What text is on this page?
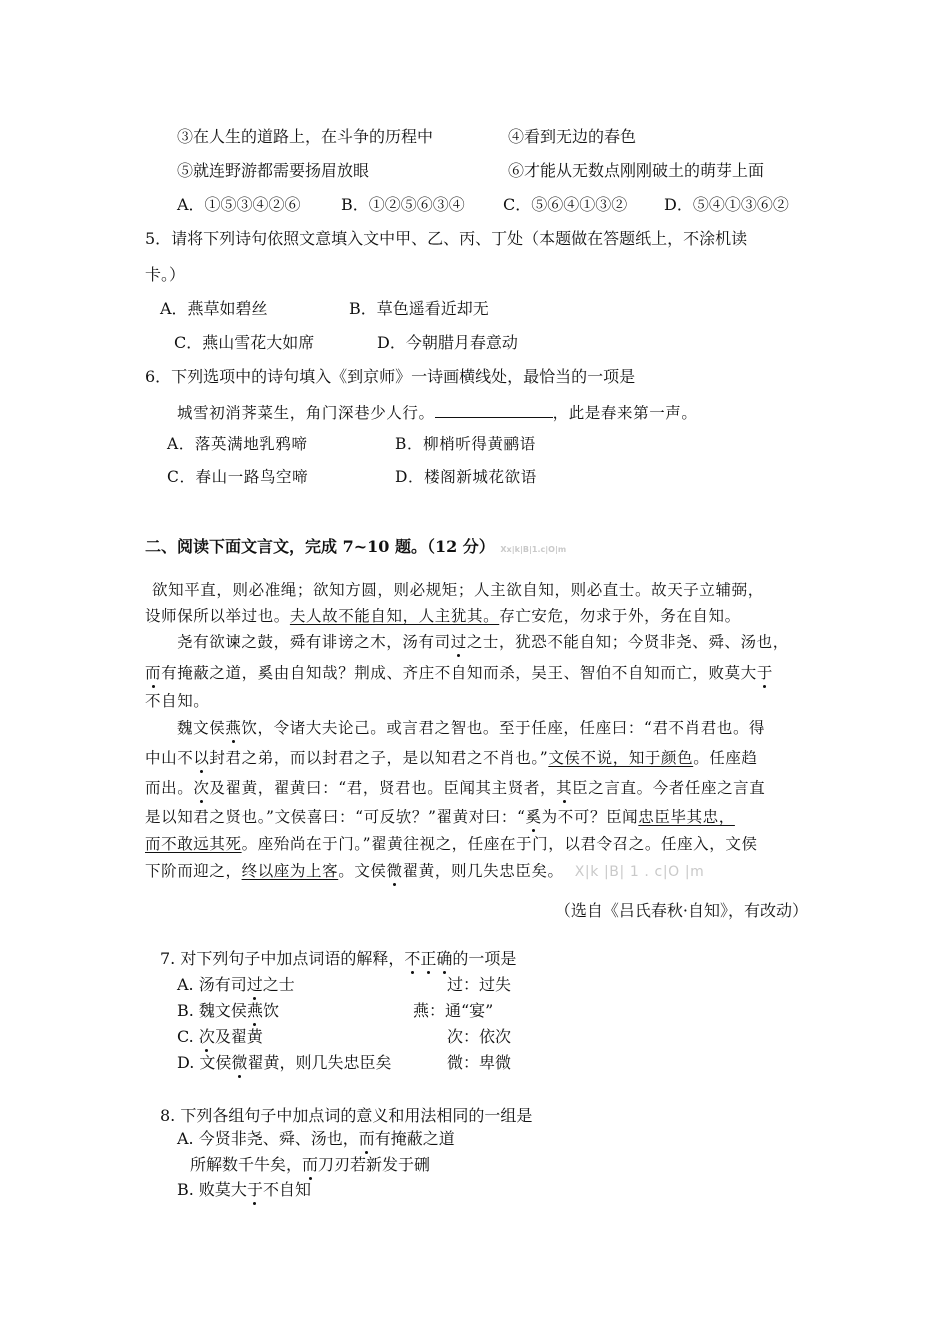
③在人生的道路上，在斗争的历程中	④看到无边的春色
⑤就连野游都需要扬眉放眼	⑥才能从无数点刚刚破土的萌芽上面
A．①⑤③④②⑥	B．①②⑤⑥③④ C．⑤⑥④①③② D．⑤④①③⑥②
5．请将下列诗句依照文意填入文中甲、乙、丙、丁处（本题做在答题纸上，不涂机读
卡。）
A．燕草如碧丝	B．草色遥看近却无
C．燕山雪花大如席	D．今朝腊月春意动
6．下列选项中的诗句填入《到京师》一诗画横线处，最恰当的一项是
城雪初消荠菜生，角门深巷少人行。	，此是春来第一声。
A．落英满地乳鸦啼	B．柳梢听得黄鹂语
C．春山一路鸟空啼	D．楼阁新城花欲语
二、阅读下面文言文，完成 7~10 题。（12 分） Xx|k|B|1.c|O|m
欲知平直，则必准绳；欲知方圆，则必规矩；人主欲自知，则必直士。故天子立辅弼，
设师保所以举过也。夫人故不能自知，人主犹其。存亡安危，勿求于外，务在自知。
尧有欲谏之鼓，舜有诽谤之木，汤有司过之士，犹恐不能自知；今贤非尧、舜、汤也，
而有掩蔽之道，奚由自知哉？荆成、齐庄不自知而杀，吴王、智伯不自知而亡，败莫大于
不自知。
魏文侯燕饮，令诸大夫论己。或言君之智也。至于任座，任座曰：“君不肖君也。得
中山不以封君之弟，而以封君之子，是以知君之不肖也。”文侯不说，知于颜色。任座趋
而出。次及翟黄，翟黄曰：“君，贤君也。臣闻其主贤者，其臣之言直。今者任座之言直
是以知君之贤也。”文侯喜曰：“可反欤？”翟黄对曰：“奚为不可？臣闻忠臣毕其忠，
而不敢远其死。座殆尚在于门。”翟黄往视之，任座在于门，以君令召之。任座入，文侯
下阶而迎之，终以座为上客。文侯微翟黄，则几失忠臣矣。 X|k |B| 1 . c|O |m
（选自《吕氏春秋·自知》，有改动）
7. 对下列句子中加点词语的解释，不正确的一项是
A. 汤有司过之士	过：过失
B. 魏文侯燕饮	燕：通“宴”
C. 次及翟黄	次：依次
D. 文侯微翟黄，则几失忠臣矣	微：卑微
8. 下列各组句子中加点词的意义和用法相同的一组是
A. 今贤非尧、舜、汤也，而有掩蔽之道
所解数千牛矣，而刀刃若新发于硎
B. 败莫大于不自知
